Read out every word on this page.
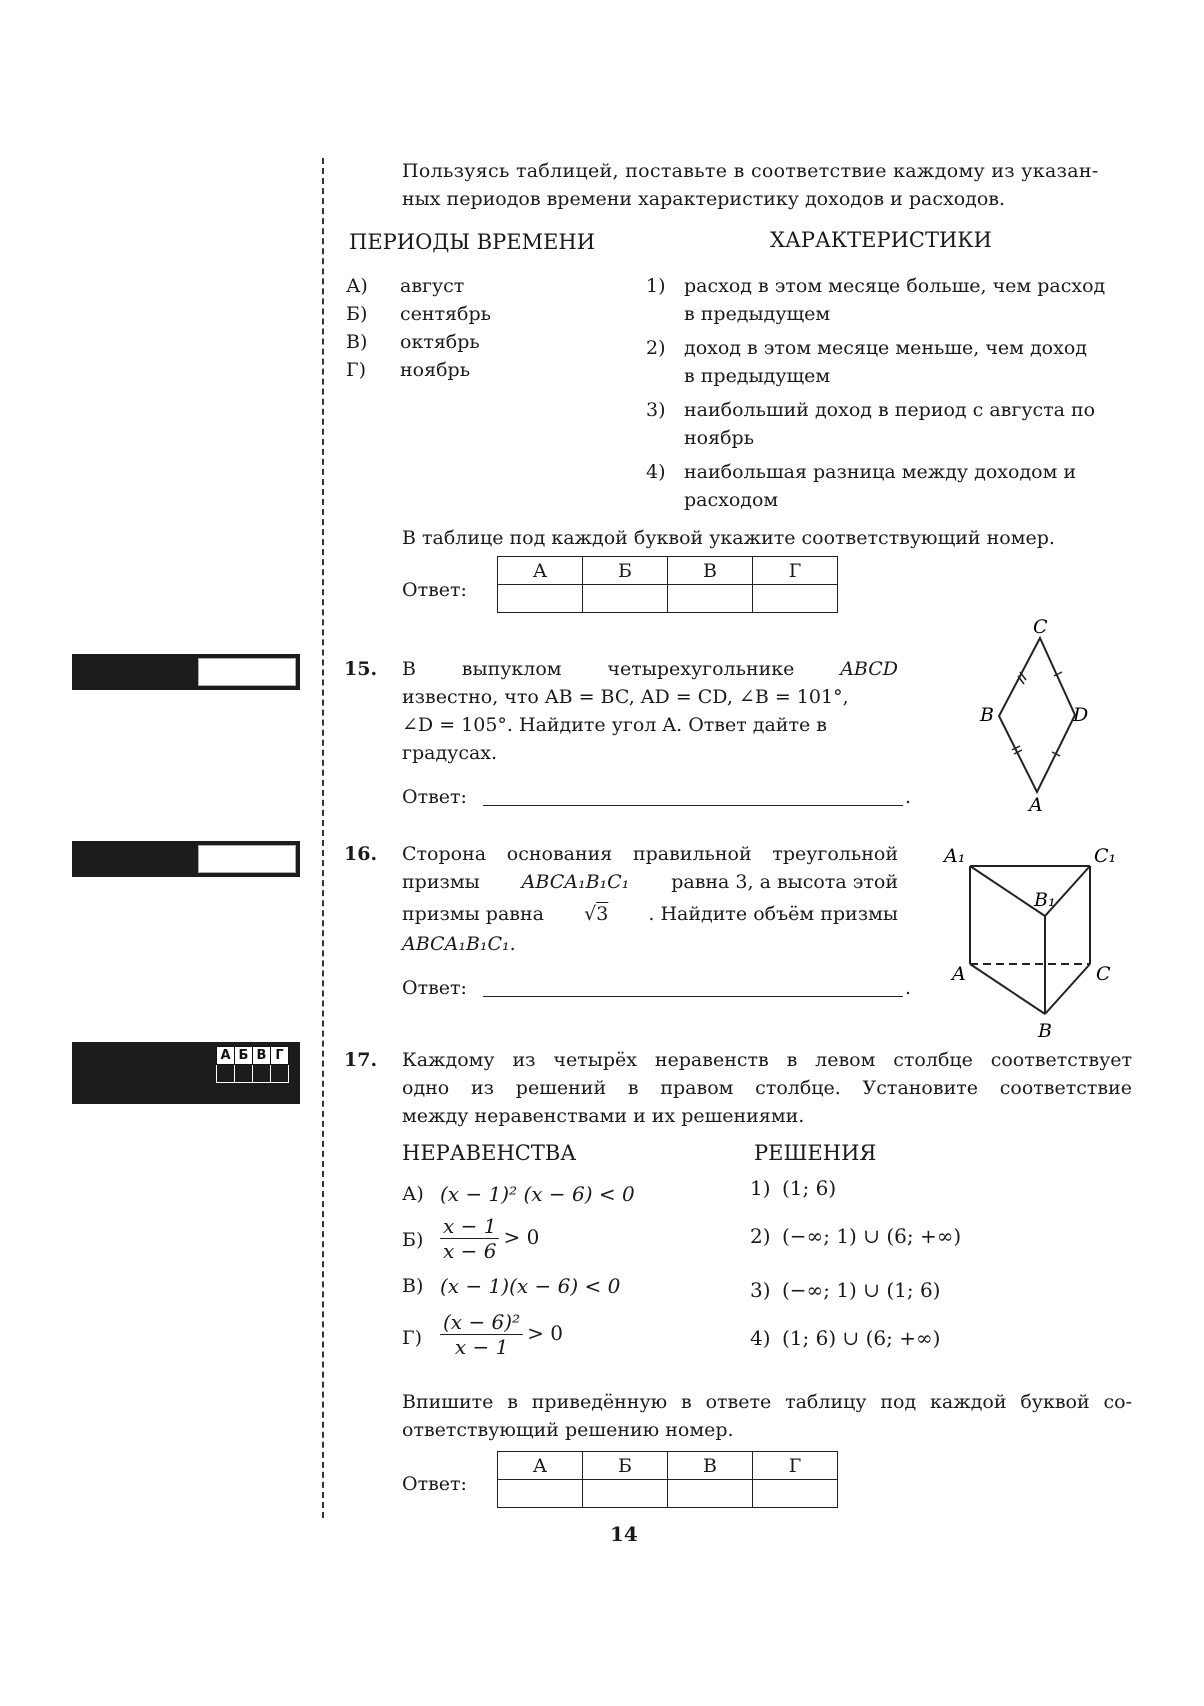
А	Б	В	Г

Пользуясь таблицей, поставьте в соответствие каждому из указан-
ных периодов времени характеристику доходов и расходов.
ПЕРИОДЫ ВРЕМЕНИ	ХАРАКТЕРИСТИКИ
А) август
Б) сентябрь
В) октябрь
Г) ноябрь
1) расход в этом месяце больше, чем расход
в предыдущем
2) доход в этом месяце меньше, чем доход
в предыдущем
3) наибольший доход в период с августа по
ноябрь
4) наибольшая разница между доходом и
расходом
В таблице под каждой буквой укажите соответствующий номер.
Ответ:
А	Б	В	Г

15. В выпуклом четырехугольнике ABCD
известно, что AB = BC, AD = CD, ∠B = 101°,
∠D = 105°. Найдите угол A. Ответ дайте в
градусах.
Ответ:	.
C
B	D
A
16. Сторона основания правильной треугольной
призмы ABCA₁B₁C₁ равна 3, а высота этой
призмы равна √3 . Найдите объём призмы
ABCA₁B₁C₁.
Ответ:	.
A₁	C₁
B₁
A	C
B
17. Каждому из четырёх неравенств в левом столбце соответствует
одно из решений в правом столбце. Установите соответствие
между неравенствами и их решениями.
НЕРАВЕНСТВА	РЕШЕНИЯ
А) (x − 1)² (x − 6) < 0
$Б) \frac{x - 1}{x - 6} > 0$
В) (x − 1)(x − 6) < 0
$Г) \frac{\text{(x − 6)²}}{x - 1} > 0$
1) (1; 6)
2) (−∞; 1) ∪ (6; +∞)
3) (−∞; 1) ∪ (1; 6)
4) (1; 6) ∪ (6; +∞)
Впишите в приведённую в ответе таблицу под каждой буквой со-
ответствующий решению номер.
Ответ:
А	Б	В	Г

14
